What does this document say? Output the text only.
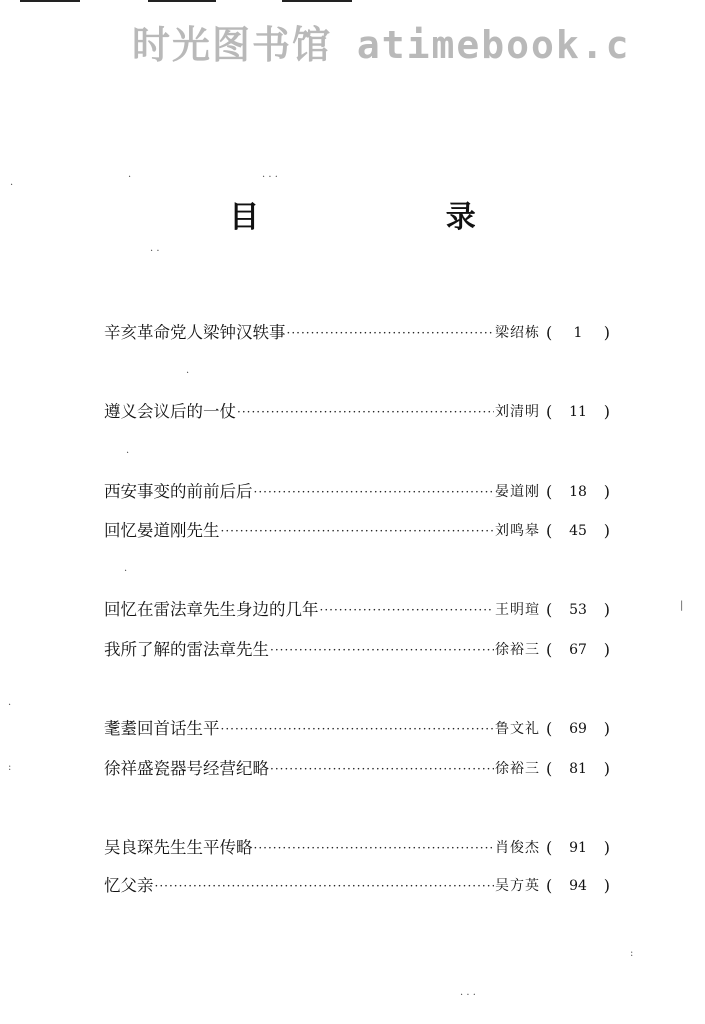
时光图书馆 atimebook.c
目 录
辛亥革命党人梁钟汉轶事 ·····	梁绍栋 (	1	)
遵义会议后的一仗 ·····	刘清明 (	11	)
西安事变的前前后后 ·····	晏道刚 (	18	)
回忆晏道刚先生 ·····	刘鸣皋 (	45	)
回忆在雷法章先生身边的几年 ·····	王明瑄 (	53	)
我所了解的雷法章先生 ·····	徐裕三 (	67	)
耄耋回首话生平 ·····	鲁文礼 (	69	)
徐祥盛瓷器号经营纪略 ·····	徐裕三 (	81	)
吴良琛先生生平传略 ·····	肖俊杰 (	91	)
忆父亲 ·····	吴方英 (	94	)
·
·	· · ·
· ·
·
·
·
|
·
:
:
· · ·
